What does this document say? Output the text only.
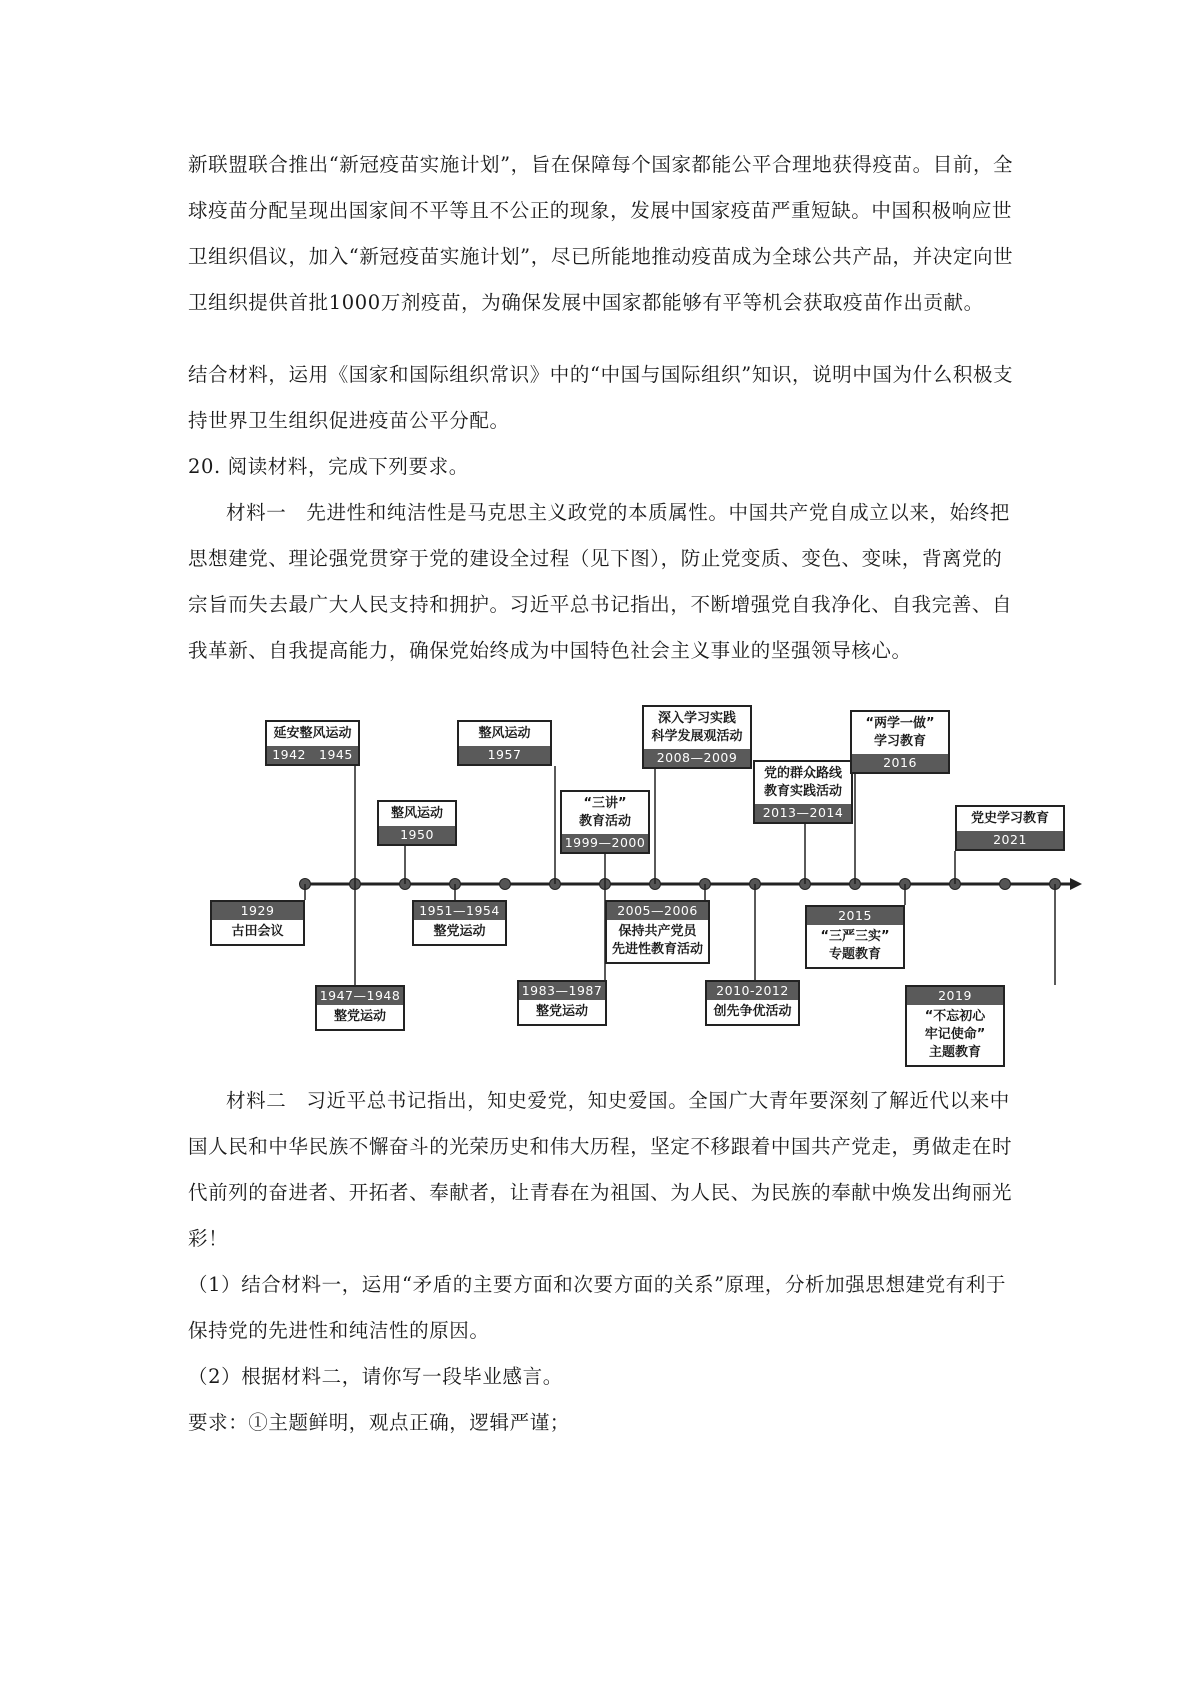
新联盟联合推出“新冠疫苗实施计划”，旨在保障每个国家都能公平合理地获得疫苗。目前，全球疫苗分配呈现出国家间不平等且不公正的现象，发展中国家疫苗严重短缺。中国积极响应世卫组织倡议，加入“新冠疫苗实施计划”，尽已所能地推动疫苗成为全球公共产品，并决定向世卫组织提供首批1000万剂疫苗，为确保发展中国家都能够有平等机会获取疫苗作出贡献。

结合材料，运用《国家和国际组织常识》中的“中国与国际组织”知识，说明中国为什么积极支持世界卫生组织促进疫苗公平分配。

20. 阅读材料，完成下列要求。

材料一　先进性和纯洁性是马克思主义政党的本质属性。中国共产党自成立以来，始终把思想建党、理论强党贯穿于党的建设全过程（见下图），防止党变质、变色、变味，背离党的宗旨而失去最广大人民支持和拥护。习近平总书记指出，不断增强党自我净化、自我完善、自我革新、自我提高能力，确保党始终成为中国特色社会主义事业的坚强领导核心。

延安整风运动
1942　1945
整风运动
1950
整风运动
1957
“三讲”
教育活动
1999—2000
深入学习实践
科学发展观活动
2008—2009
党的群众路线
教育实践活动
2013—2014
“两学一做”
学习教育
2016
党史学习教育
2021
1929
古田会议
1947—1948
整党运动
1951—1954
整党运动
1983—1987
整党运动
2005—2006
保持共产党员
先进性教育活动
2010-2012
创先争优活动
2015
“三严三实”
专题教育
2019
“不忘初心
牢记使命”
主题教育

材料二　习近平总书记指出，知史爱党，知史爱国。全国广大青年要深刻了解近代以来中国人民和中华民族不懈奋斗的光荣历史和伟大历程，坚定不移跟着中国共产党走，勇做走在时代前列的奋进者、开拓者、奉献者，让青春在为祖国、为人民、为民族的奉献中焕发出绚丽光彩！

（1）结合材料一，运用“矛盾的主要方面和次要方面的关系”原理，分析加强思想建党有利于保持党的先进性和纯洁性的原因。

（2）根据材料二，请你写一段毕业感言。

要求：①主题鲜明，观点正确，逻辑严谨；
